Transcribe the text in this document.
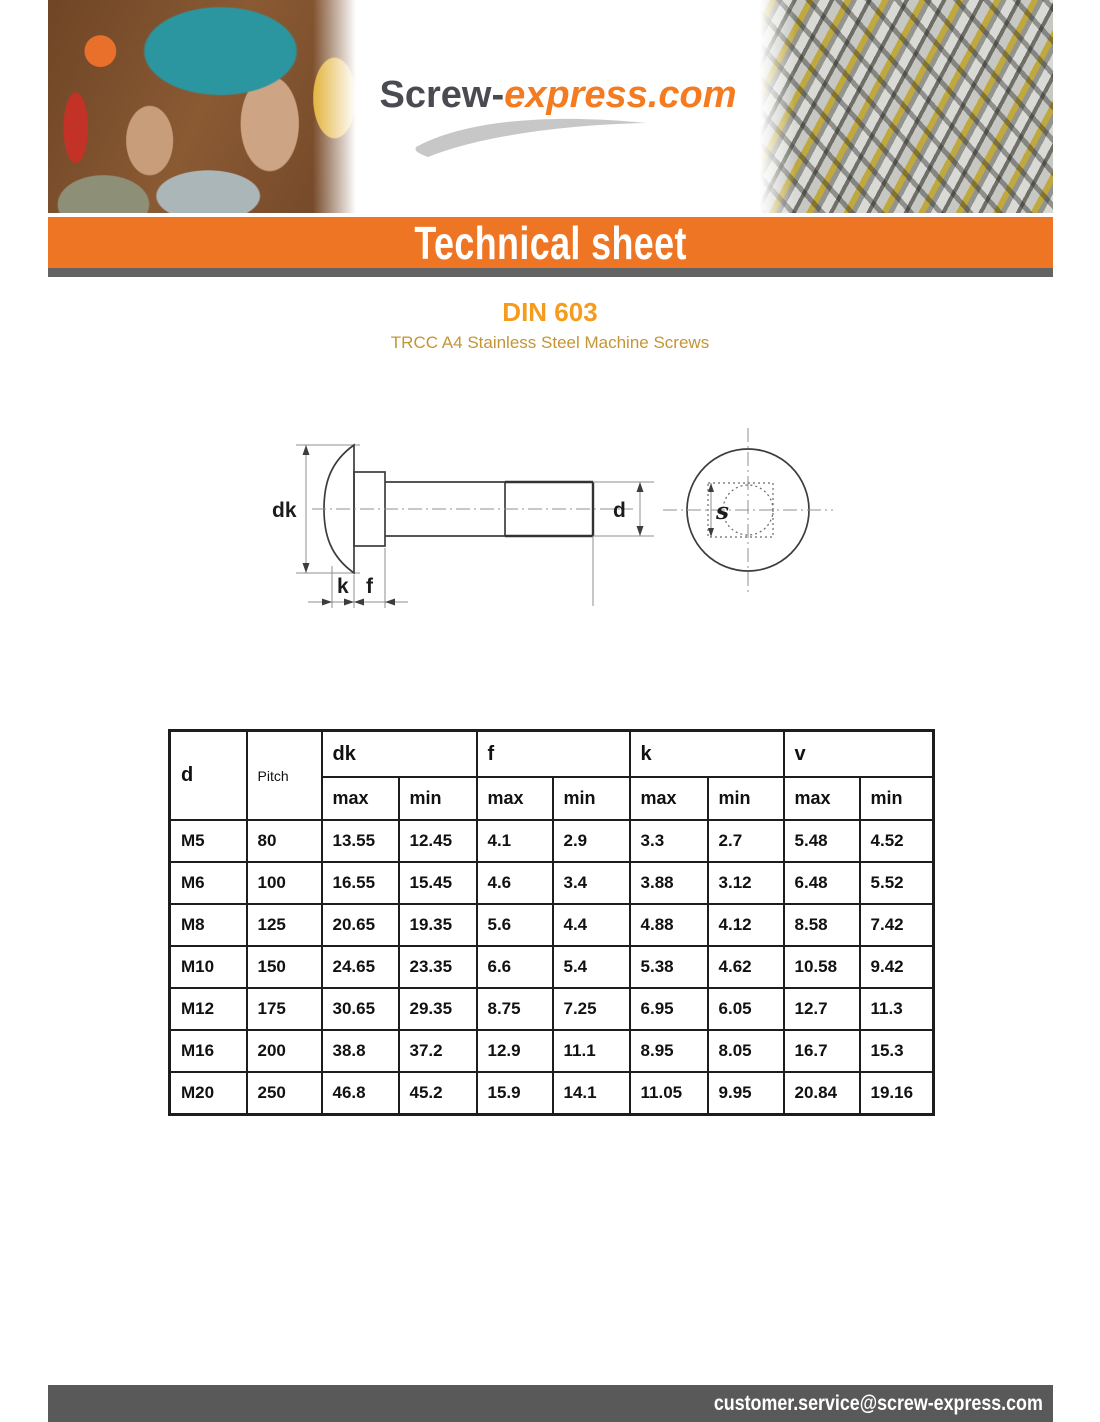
Screw-express.com
Technical sheet
DIN 603
TRCC A4 Stainless Steel Machine Screws
dk	d
k f
s
d	Pitch	dk		f		k		v	
		max	min	max	min	max	min	max	min
M5	80	13.55	12.45	4.1	2.9	3.3	2.7	5.48	4.52
M6	100	16.55	15.45	4.6	3.4	3.88	3.12	6.48	5.52
M8	125	20.65	19.35	5.6	4.4	4.88	4.12	8.58	7.42
M10	150	24.65	23.35	6.6	5.4	5.38	4.62	10.58	9.42
M12	175	30.65	29.35	8.75	7.25	6.95	6.05	12.7	11.3
M16	200	38.8	37.2	12.9	11.1	8.95	8.05	16.7	15.3
M20	250	46.8	45.2	15.9	14.1	11.05	9.95	20.84	19.16
customer.service@screw-express.com
